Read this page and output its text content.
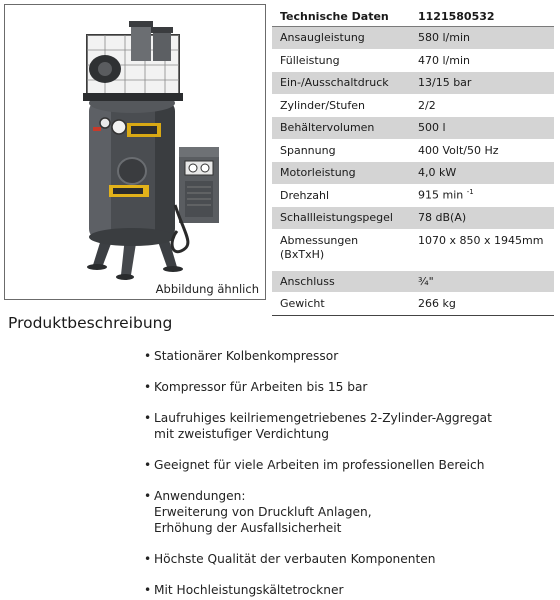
Abbildung ähnlich
Technische Daten	1121580532
Ansaugleistung	580 l/min
Fülleistung	470 l/min
Ein-/Ausschaltdruck	13/15 bar
Zylinder/Stufen	2/2
Behältervolumen	500 l
Spannung	400 Volt/50 Hz
Motorleistung	4,0 kW
Drehzahl	915 min $^{-1}$
Schallleistungspegel	78 dB(A)
Abmessungen
(BxTxH)	1070 x 850 x 1945mm
Anschluss	¾"
Gewicht	266 kg
Produktbeschreibung
• Stationärer Kolbenkompressor
• Kompressor für Arbeiten bis 15 bar
• Laufruhiges keilriemengetriebenes 2-Zylinder-Aggregat
mit zweistufiger Verdichtung
• Geeignet für viele Arbeiten im professionellen Bereich
• Anwendungen:
Erweiterung von Druckluft Anlagen,
Erhöhung der Ausfallsicherheit
• Höchste Qualität der verbauten Komponenten
• Mit Hochleistungskältetrockner
